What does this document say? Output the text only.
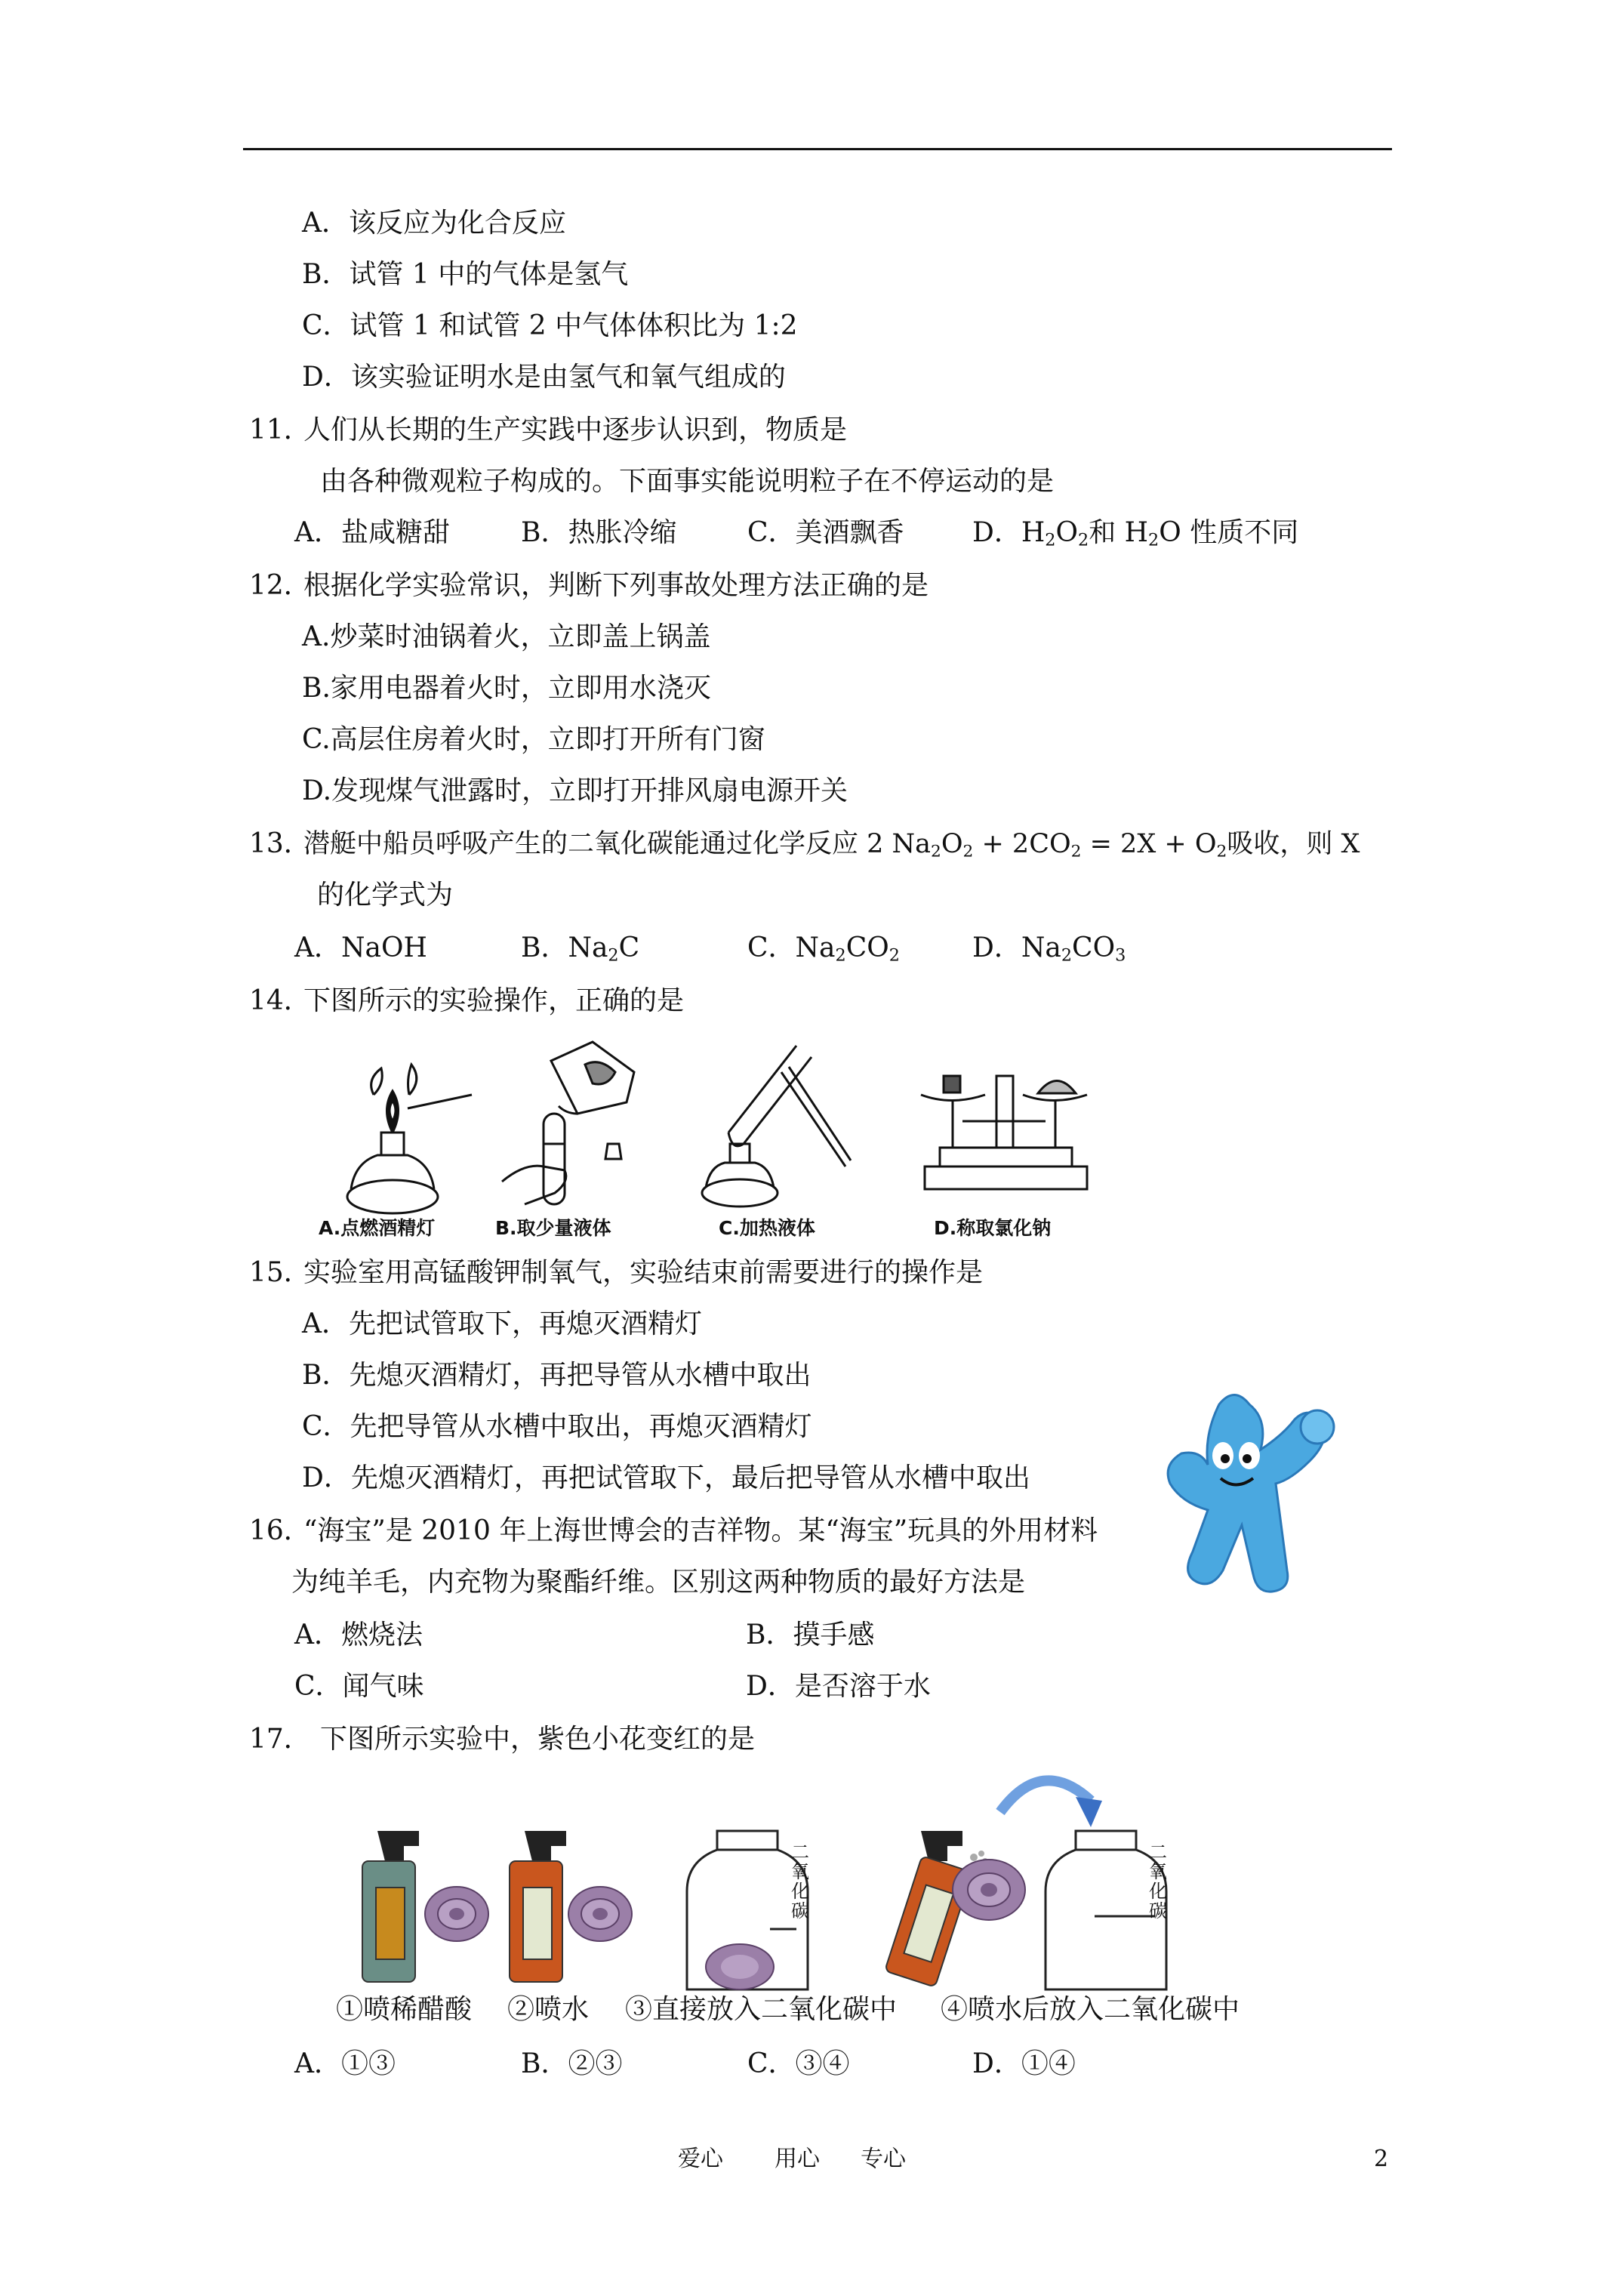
A．该反应为化合反应
B．试管 1 中的气体是氢气
C．试管 1 和试管 2 中气体体积比为 1:2
D．该实验证明水是由氢气和氧气组成的
11．
人们从长期的生产实践中逐步认识到，物质是
由各种微观粒子构成的。下面事实能说明粒子在不停运动的是
A．盐咸糖甜	B．热胀冷缩	C．美酒飘香	D．$H_2O_2$和 $H_2O$ 性质不同
12．
根据化学实验常识，判断下列事故处理方法正确的是
A.炒菜时油锅着火，立即盖上锅盖
B.家用电器着火时，立即用水浇灭
C.高层住房着火时，立即打开所有门窗
D.发现煤气泄露时，立即打开排风扇电源开关
13．
潜艇中船员呼吸产生的二氧化碳能通过化学反应 2 $Na_2O_2 + 2CO_2 = 2X + O_2$吸收，则 X
的化学式为
A．NaOH	B．$Na_2C$	C．$Na_2CO_2$	D．$Na_2CO_3$
14．
下图所示的实验操作，正确的是
A.点燃酒精灯	B.取少量液体	C.加热液体	D.称取氯化钠
15．
实验室用高锰酸钾制氧气，实验结束前需要进行的操作是
A．先把试管取下，再熄灭酒精灯
B．先熄灭酒精灯，再把导管从水槽中取出
C．先把导管从水槽中取出，再熄灭酒精灯
D．先熄灭酒精灯，再把试管取下，最后把导管从水槽中取出
16．
“海宝”是 2010 年上海世博会的吉祥物。某“海宝”玩具的外用材料
为纯羊毛，内充物为聚酯纤维。区别这两种物质的最好方法是
A．燃烧法	B．摸手感
C．闻气味	D．是否溶于水
17． 下图所示实验中，紫色小花变红的是
二氧化碳
二氧化碳
①喷稀醋酸 ②喷水 ③直接放入二氧化碳中 ④喷水后放入二氧化碳中
A．①③	B．②③	C．③④	D．①④
爱心 用心 专心	2
